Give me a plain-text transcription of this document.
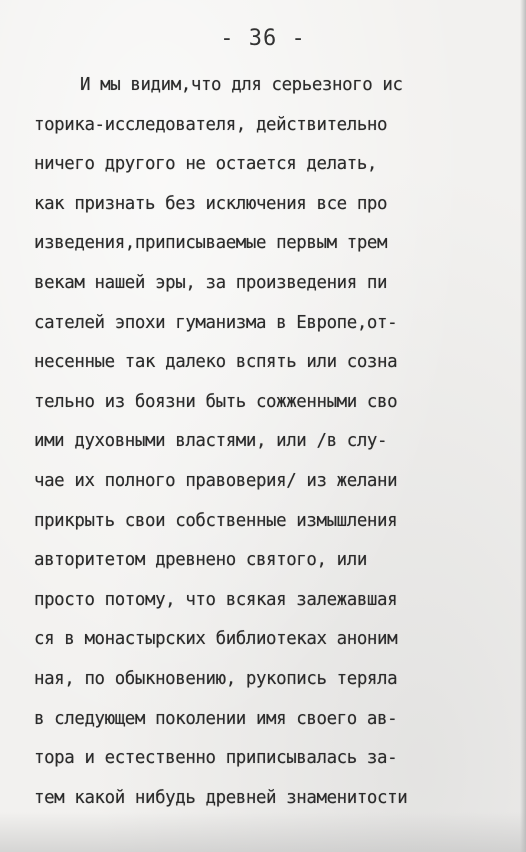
- 36 -
И мы видим,что для серьезного ис
торика-исследователя, действительно
ничего другого не остается делать,
как признать без исключения все про
изведения,приписываемые первым трем
векам нашей эры, за произведения пи
сателей эпохи гуманизма в Европе,от-
несенные так далеко вспять или созна
тельно из боязни быть сожженными сво
ими духовными властями, или /в слу-
чае их полного правоверия/ из желани
прикрыть свои собственные измышления
авторитетом древнено святого, или
просто потому, что всякая залежавшая
ся в монастырских библиотеках аноним
ная, по обыкновению, рукопись теряла
в следующем поколении имя своего ав-
тора и естественно приписывалась за-
тем какой нибудь древней знаменитости
